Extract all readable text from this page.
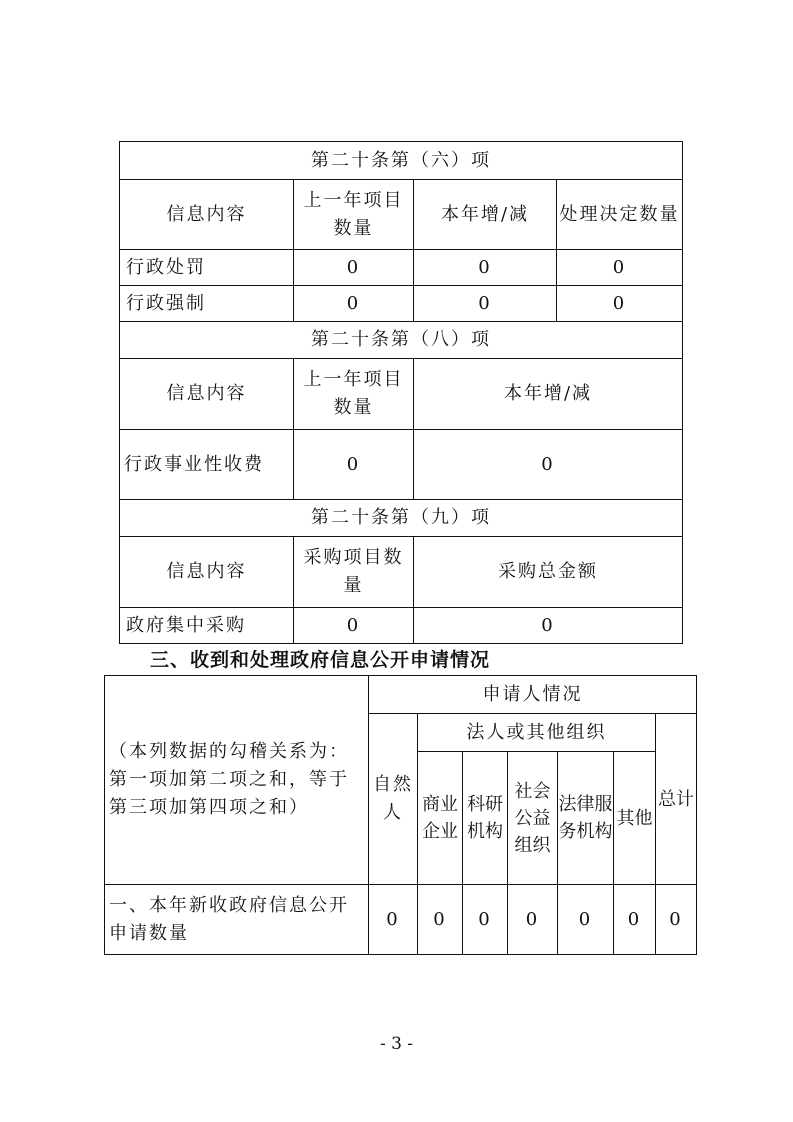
第二十条第（六）项			
信息内容	上一年项目数量	本年增/减	处理决定数量
行政处罚	0	0	0
行政强制	0	0	0
第二十条第（八）项			
信息内容	上一年项目数量	本年增/减	
行政事业性收费	0	0	
第二十条第（九）项			
信息内容	采购项目数量	采购总金额	
政府集中采购	0	0	
三、收到和处理政府信息公开申请情况
（本列数据的勾稽关系为：第一项加第二项之和，等于第三项加第四项之和）	申请人情况						
	自然人	法人或其他组织					总计
		商业企业	科研机构	社会公益组织	法律服务机构	其他	
一、本年新收政府信息公开申请数量	0	0	0	0	0	0	0
- 3 -
